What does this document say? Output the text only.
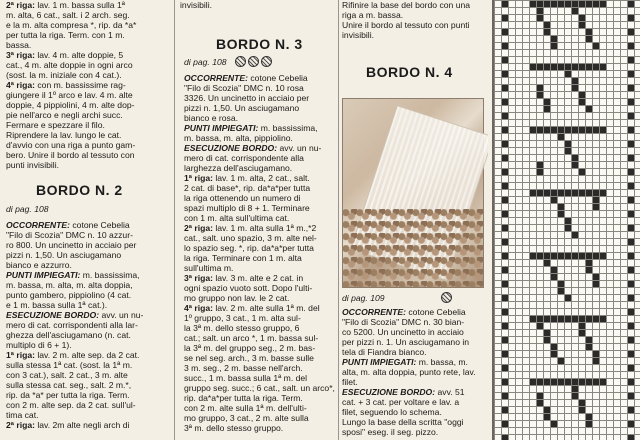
2ª riga: lav. 1 m. bassa sulla 1ª

m. alta, 6 cat., salt. i 2 arch. seg.

e la m. alta compresa *, rip. da *a*

per tutta la riga. Term. con 1 m.

bassa.

3ª riga: lav. 4 m. alte doppie, 5

cat., 4 m. alte doppie in ogni arco

(sost. la m. iniziale con 4 cat.).

4ª riga: con m. bassissime rag-

giungere il 1º arco e lav. 4 m. alte

doppie, 4 pippiolini, 4 m. alte dop-

pie nell'arco e negli archi succ.

Fermare e spezzare il filo.

Riprendere la lav. lungo le cat.

d'avvio con una riga a punto gam-

bero. Unire il bordo al tessuto con

punti invisibili.

BORDO N. 2
di pag. 108

OCCORRENTE: cotone Cebelia

"Filo di Scozia" DMC n. 10 azzur-

ro 800. Un uncinetto in acciaio per

pizzi n. 1,50. Un asciugamano

bianco e azzurro.

PUNTI IMPIEGATI: m. bassissima,

m. bassa, m. alta, m. alta doppia,

punto gambero, pippiolino (4 cat.

e 1 m. bassa sulla 1ª cat.).

ESECUZIONE BORDO: avv. un nu-

mero di cat. corrispondenti alla lar-

ghezza dell'asciugamano (n. cat.

multiplo di 6 + 1).

1ª riga: lav. 2 m. alte sep. da 2 cat.

sulla stessa 1ª cat. (sost. la 1ª m.

con 3 cat.), salt. 2 cat., 3 m. alte

sulla stessa cat. seg., salt. 2 m.*,

rip. da *a* per tutta la riga. Term.

con 2 m. alte sep. da 2 cat. sull'ul-

tima cat.

2ª riga: lav. 2m alte negli arch di

invisibili.

BORDO N. 3
di pag. 108

OCCORRENTE: cotone Cebelia

"Filo di Scozia" DMC n. 10 rosa

3326. Un uncinetto in acciaio per

pizzi n. 1,50. Un asciugamano

bianco e rosa.

PUNTI IMPIEGATI: m. bassissima,

m. bassa, m. alta, pippiolino.

ESECUZIONE BORDO: avv. un nu-

mero di cat. corrispondente alla

larghezza dell'asciugamano.

1ª riga: lav. 1 m. alta, 2 cat., salt.

2 cat. di base*, rip. da*a*per tutta

la riga ottenendo un numero di

spazi multiplo di 8 + 1. Terminare

con 1 m. alta sull'ultima cat.

2ª riga: lav. 1 m. alta sulla 1ª m.,*2

cat., salt. uno spazio, 3 m. alte nel-

lo spazio seg. *, rip. da*a*per tutta

la riga. Terminare con 1 m. alta

sull'ultima m.

3ª riga: lav. 3 m. alte e 2 cat. in

ogni spazio vuoto sott. Dopo l'ulti-

mo gruppo non lav. le 2 cat.

4ª riga: lav. 2 m. alte sulla 1ª m. del

1º gruppo, 3 cat., 1 m. alta sul-

la 3ª m. dello stesso gruppo, 6

cat.; salt. un arco *, 1 m. bassa sul-

la 3ª m. del gruppo seg., 2 m. bas-

se nel seg. arch., 3 m. basse sulle

3 m. seg., 2 m. basse nell'arch.

succ., 1 m. bassa sulla 1ª m. del

gruppo seg. succ.; 6 cat., salt. un arco*,

rip. da*a*per tutta la riga. Term.

con 2 m. alte sulla 1ª m. dell'ulti-

mo gruppo, 3 cat., 2 m. alte sulla

3ª m. dello stesso gruppo.

Rifinire la base del bordo con una

riga a m. bassa.

Unire il bordo al tessuto con punti

invisibili.

BORDO N. 4
di pag. 109

OCCORRENTE: cotone Cebelia

"Filo di Scozia" DMC n. 30 bian-

co 5200. Un uncinetto in acciaio

per pizzi n. 1. Un asciugamano in

tela di Fiandra bianco.

PUNTI IMPIEGATI: m. bassa, m.

alta, m. alta doppia, punto rete, lav.

filet.

ESECUZIONE BORDO: avv. 51

cat. + 3 cat. per voltare e lav. a

filet, seguendo lo schema.

Lungo la base della scritta "oggi

sposi" eseg. il seg. pizzo.
